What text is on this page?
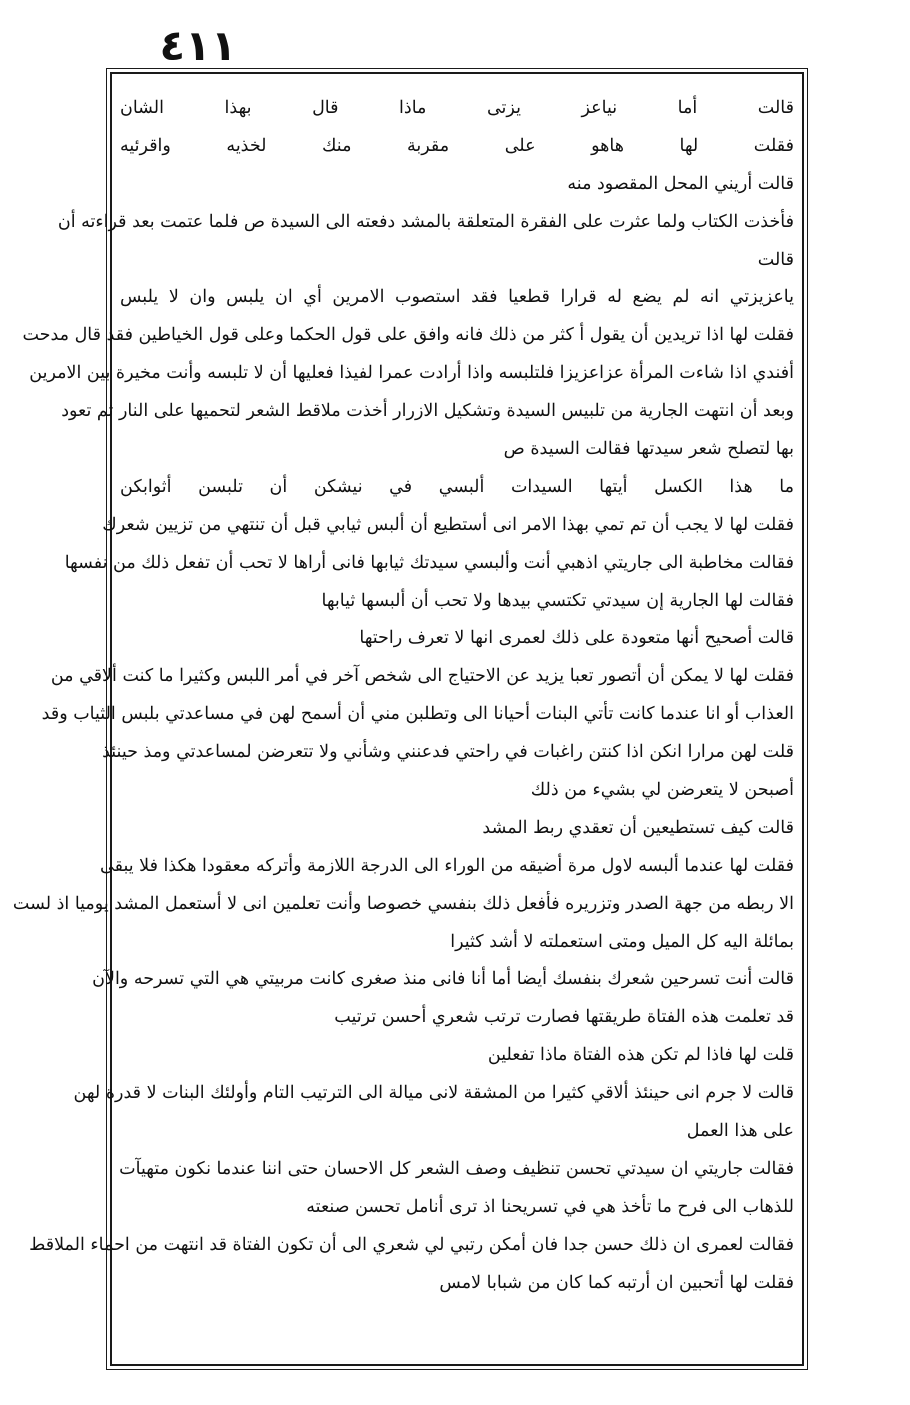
٤١١
قالت أما نياعز يزتى ماذا قال بهذا الشان
فقلت لها هاهو على مقربة منك لخذيه واقرئيه
قالت أريني المحل المقصود منه
فأخذت الكتاب ولما عثرت على الفقرة المتعلقة بالمشد دفعته الى السيدة ص فلما عتمت بعد قراءته أن
قالت
ياعزيزتي انه لم يضع له قرارا قطعيا فقد استصوب الامرين أي ان يلبس وان لا يلبس
فقلت لها اذا تريدين أن يقول أ كثر من ذلك فانه وافق على قول الحكما وعلى قول الخياطين فقد قال مدحت
أفندي اذا شاءت المرأة عزاعزيزا فلتلبسه واذا أرادت عمرا لفيذا فعليها أن لا تلبسه وأنت مخيرة بين الامرين
وبعد أن انتهت الجارية من تلبيس السيدة وتشكيل الازرار أخذت ملاقط الشعر لتحميها على النار ثم تعود
بها لتصلح شعر سيدتها فقالت السيدة ص
ما هذا الكسل أيتها السيدات ألبسي في نيشكن أن تلبسن أثوابكن
فقلت لها لا يجب أن تم تمي بهذا الامر انى أستطيع أن ألبس ثيابي قبل أن تنتهي من تزيين شعرك
فقالت مخاطبة الى جاريتي اذهبي أنت وألبسي سيدتك ثيابها فانى أراها لا تحب أن تفعل ذلك من نفسها
فقالت لها الجارية إن سيدتي تكتسي بيدها ولا تحب أن ألبسها ثيابها
قالت أصحيح أنها متعودة على ذلك لعمرى انها لا تعرف راحتها
فقلت لها لا يمكن أن أتصور تعبا يزيد عن الاحتياج الى شخص آخر في أمر اللبس وكثيرا ما كنت ألاقي من
العذاب أو انا عندما كانت تأتي البنات أحيانا الى وتطلبن مني أن أسمح لهن في مساعدتي بلبس الثياب وقد
قلت لهن مرارا انكن اذا كنتن راغبات في راحتي فدعنني وشأني ولا تتعرضن لمساعدتي ومذ حينئذ
أصبحن لا يتعرضن لي بشيء من ذلك
قالت كيف تستطيعين أن تعقدي ربط المشد
فقلت لها عندما ألبسه لاول مرة أضيقه من الوراء الى الدرجة اللازمة وأتركه معقودا هكذا فلا يبقى
الا ربطه من جهة الصدر وتزريره فأفعل ذلك بنفسي خصوصا وأنت تعلمين انى لا أستعمل المشد يوميا اذ لست
بمائلة اليه كل الميل ومتى استعملته لا أشد كثيرا
قالت أنت تسرحين شعرك بنفسك أيضا أما أنا فانى منذ صغرى كانت مربيتي هي التي تسرحه والآن
قد تعلمت هذه الفتاة طريقتها فصارت ترتب شعري أحسن ترتيب
قلت لها فاذا لم تكن هذه الفتاة ماذا تفعلين
قالت لا جرم انى حينئذ ألاقي كثيرا من المشقة لانى ميالة الى الترتيب التام وأولئك البنات لا قدرة لهن
على هذا العمل
فقالت جاريتي ان سيدتي تحسن تنظيف وصف الشعر كل الاحسان حتى اننا عندما نكون متهيآت
للذهاب الى فرح ما تأخذ هي في تسريحنا اذ ترى أنامل تحسن صنعته
فقالت لعمرى ان ذلك حسن جدا فان أمكن رتبي لي شعري الى أن تكون الفتاة قد انتهت من احماء الملاقط
فقلت لها أتحبين ان أرتبه كما كان من شبابا لامس
